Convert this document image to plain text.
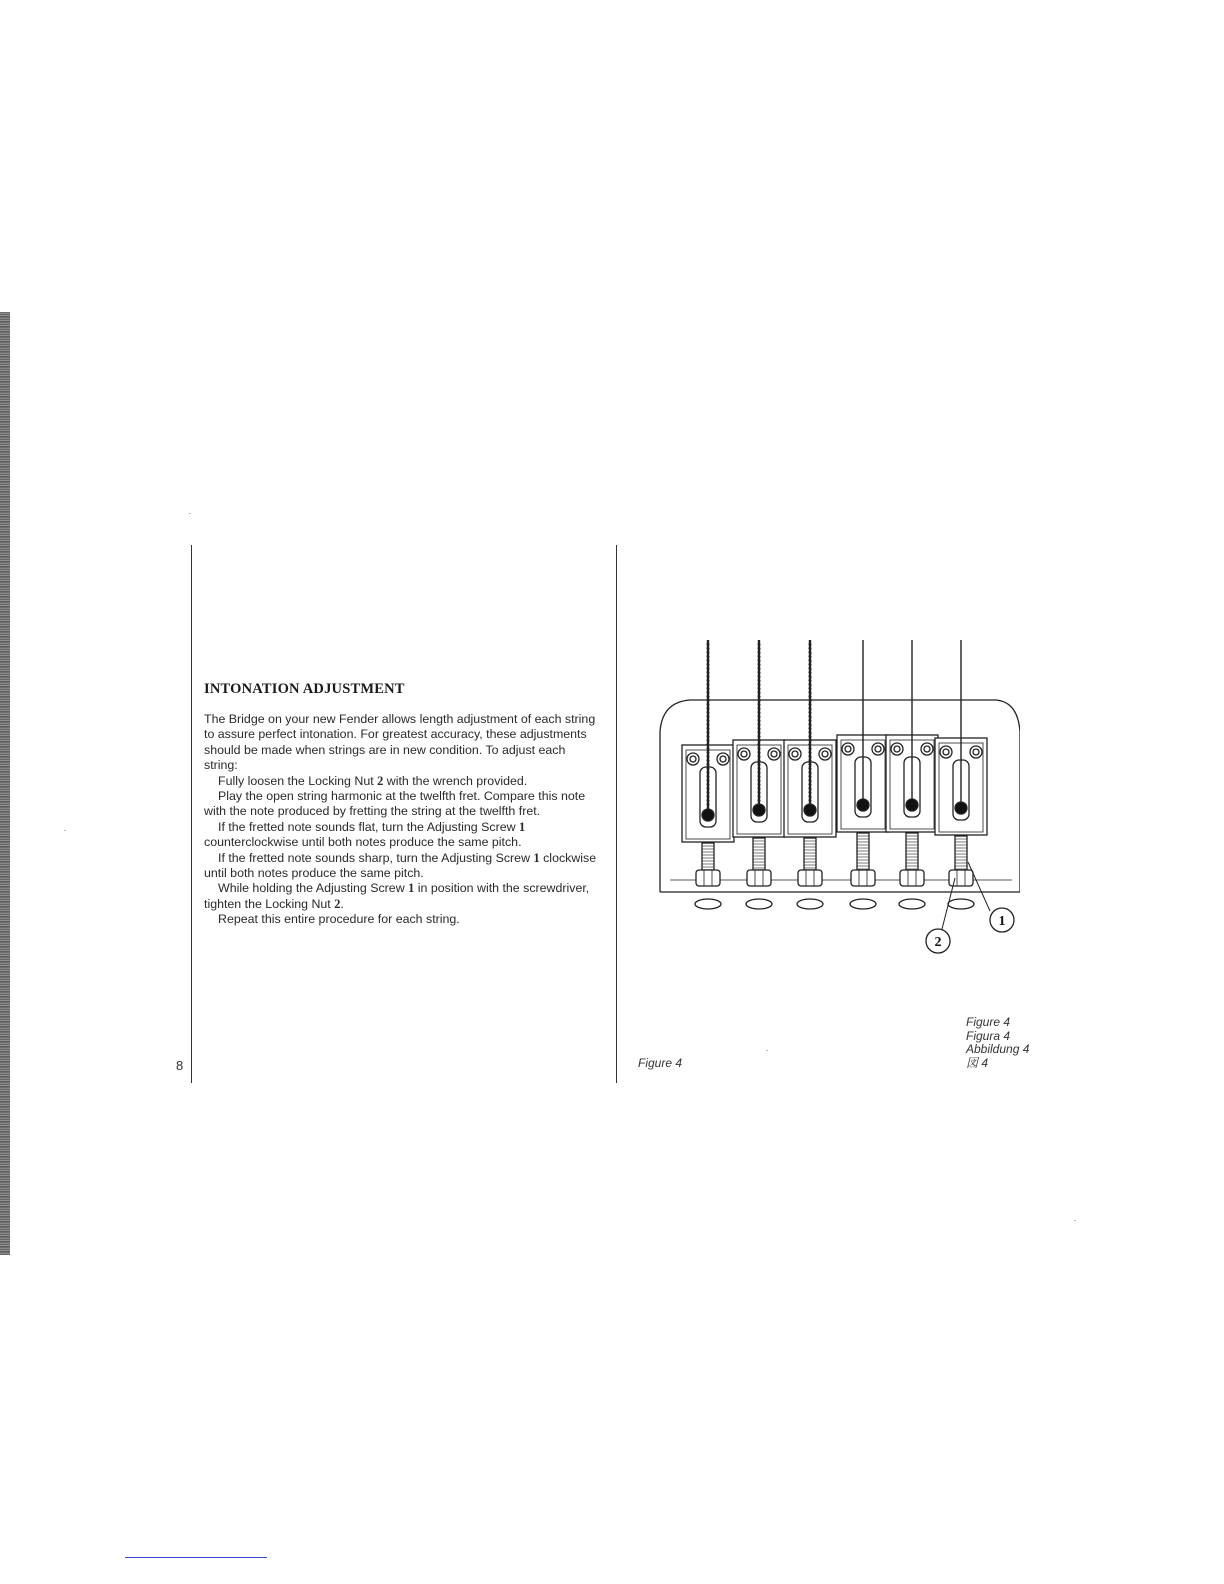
8
INTONATION ADJUSTMENT

The Bridge on your new Fender allows length adjustment of each string to assure perfect intonation. For greatest accuracy, these adjustments should be made when strings are in new condition. To adjust each string:

Fully loosen the Locking Nut 2 with the wrench provided.

Play the open string harmonic at the twelfth fret. Compare this note with the note produced by fretting the string at the twelfth fret.

If the fretted note sounds flat, turn the Adjusting Screw 1 counterclockwise until both notes produce the same pitch.

If the fretted note sounds sharp, turn the Adjusting Screw 1 clockwise until both notes produce the same pitch.

While holding the Adjusting Screw 1 in position with the screwdriver, tighten the Locking Nut 2.

Repeat this entire procedure for each string.	1
2
Figure 4
Figure 4
Figura 4
Abbildung 4
図 4
